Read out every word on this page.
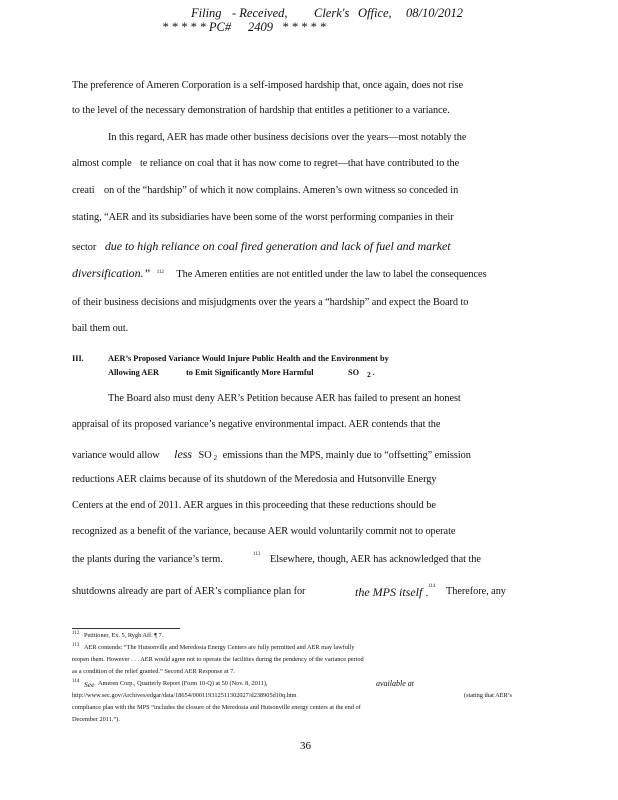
Filing - Received, Clerk's Office, 08/10/2012
* * * * * PC# 2409 * * * * *
The preference of Ameren Corporation is a self-imposed hardship that, once again, does not rise
to the level of the necessary demonstration of hardship that entitles a petitioner to a variance.
In this regard, AER has made other business decisions over the years—most notably the
almost comple te reliance on coal that it has now come to regret—that have contributed to the
creati on of the “hardship” of which it now complains. Ameren’s own witness so conceded in
stating, “AER and its subsidiaries have been some of the worst performing companies in their
of their business decisions and misjudgments over the years a “hardship” and expect the Board to
bail them out.
The Board also must deny AER’s Petition because AER has failed to present an honest
appraisal of its proposed variance’s negative environmental impact. AER contends that the
reductions AER claims because of its shutdown of the Meredosia and Hutsonville Energy
Centers at the end of 2011. AER argues in this proceeding that these reductions should be
recognized as a benefit of the variance, because AER would voluntarily commit not to operate
sector due to high reliance on coal fired generation and lack of fuel and market
diversification.” $^{112}$ The Ameren entities are not entitled under the law to label the consequences
III.	AER’s Proposed Variance Would Injure Public Health and the Environment by
Allowing AER	to Emit Significantly More Harmful	SO $_2$ .
variance would allow less SO 2 emissions than the MPS, mainly due to “offsetting” emission
the plants during the variance’s term.	113 Elsewhere, though, AER has acknowledged that the
shutdowns already are part of AER’s compliance plan for	the MPS itself . 114 Therefore, any
112 Petitioner, Ex. 5, Rygh Aff. ¶ 7.
113 AER contends: “The Hutsonville and Meredosia Energy Centers are fully permitted and AER may lawfully
reopen them. However . . . AER would agree not to operate the facilities during the pendency of the variance period
as a condition of the relief granted.” Second AER Response at 7.
114	Ameren Corp., Quarterly Report (Form 10-Q) at 50 (Nov. 8, 2011),
http://www.sec.gov/Archives/edgar/data/18654/000119312511302027/d238905d10q.htm	(stating that AER’s
compliance plan with the MPS “includes the closure of the Meredosia and Hutsonville energy centers at the end of
December 2011.”).
See	available at
36
